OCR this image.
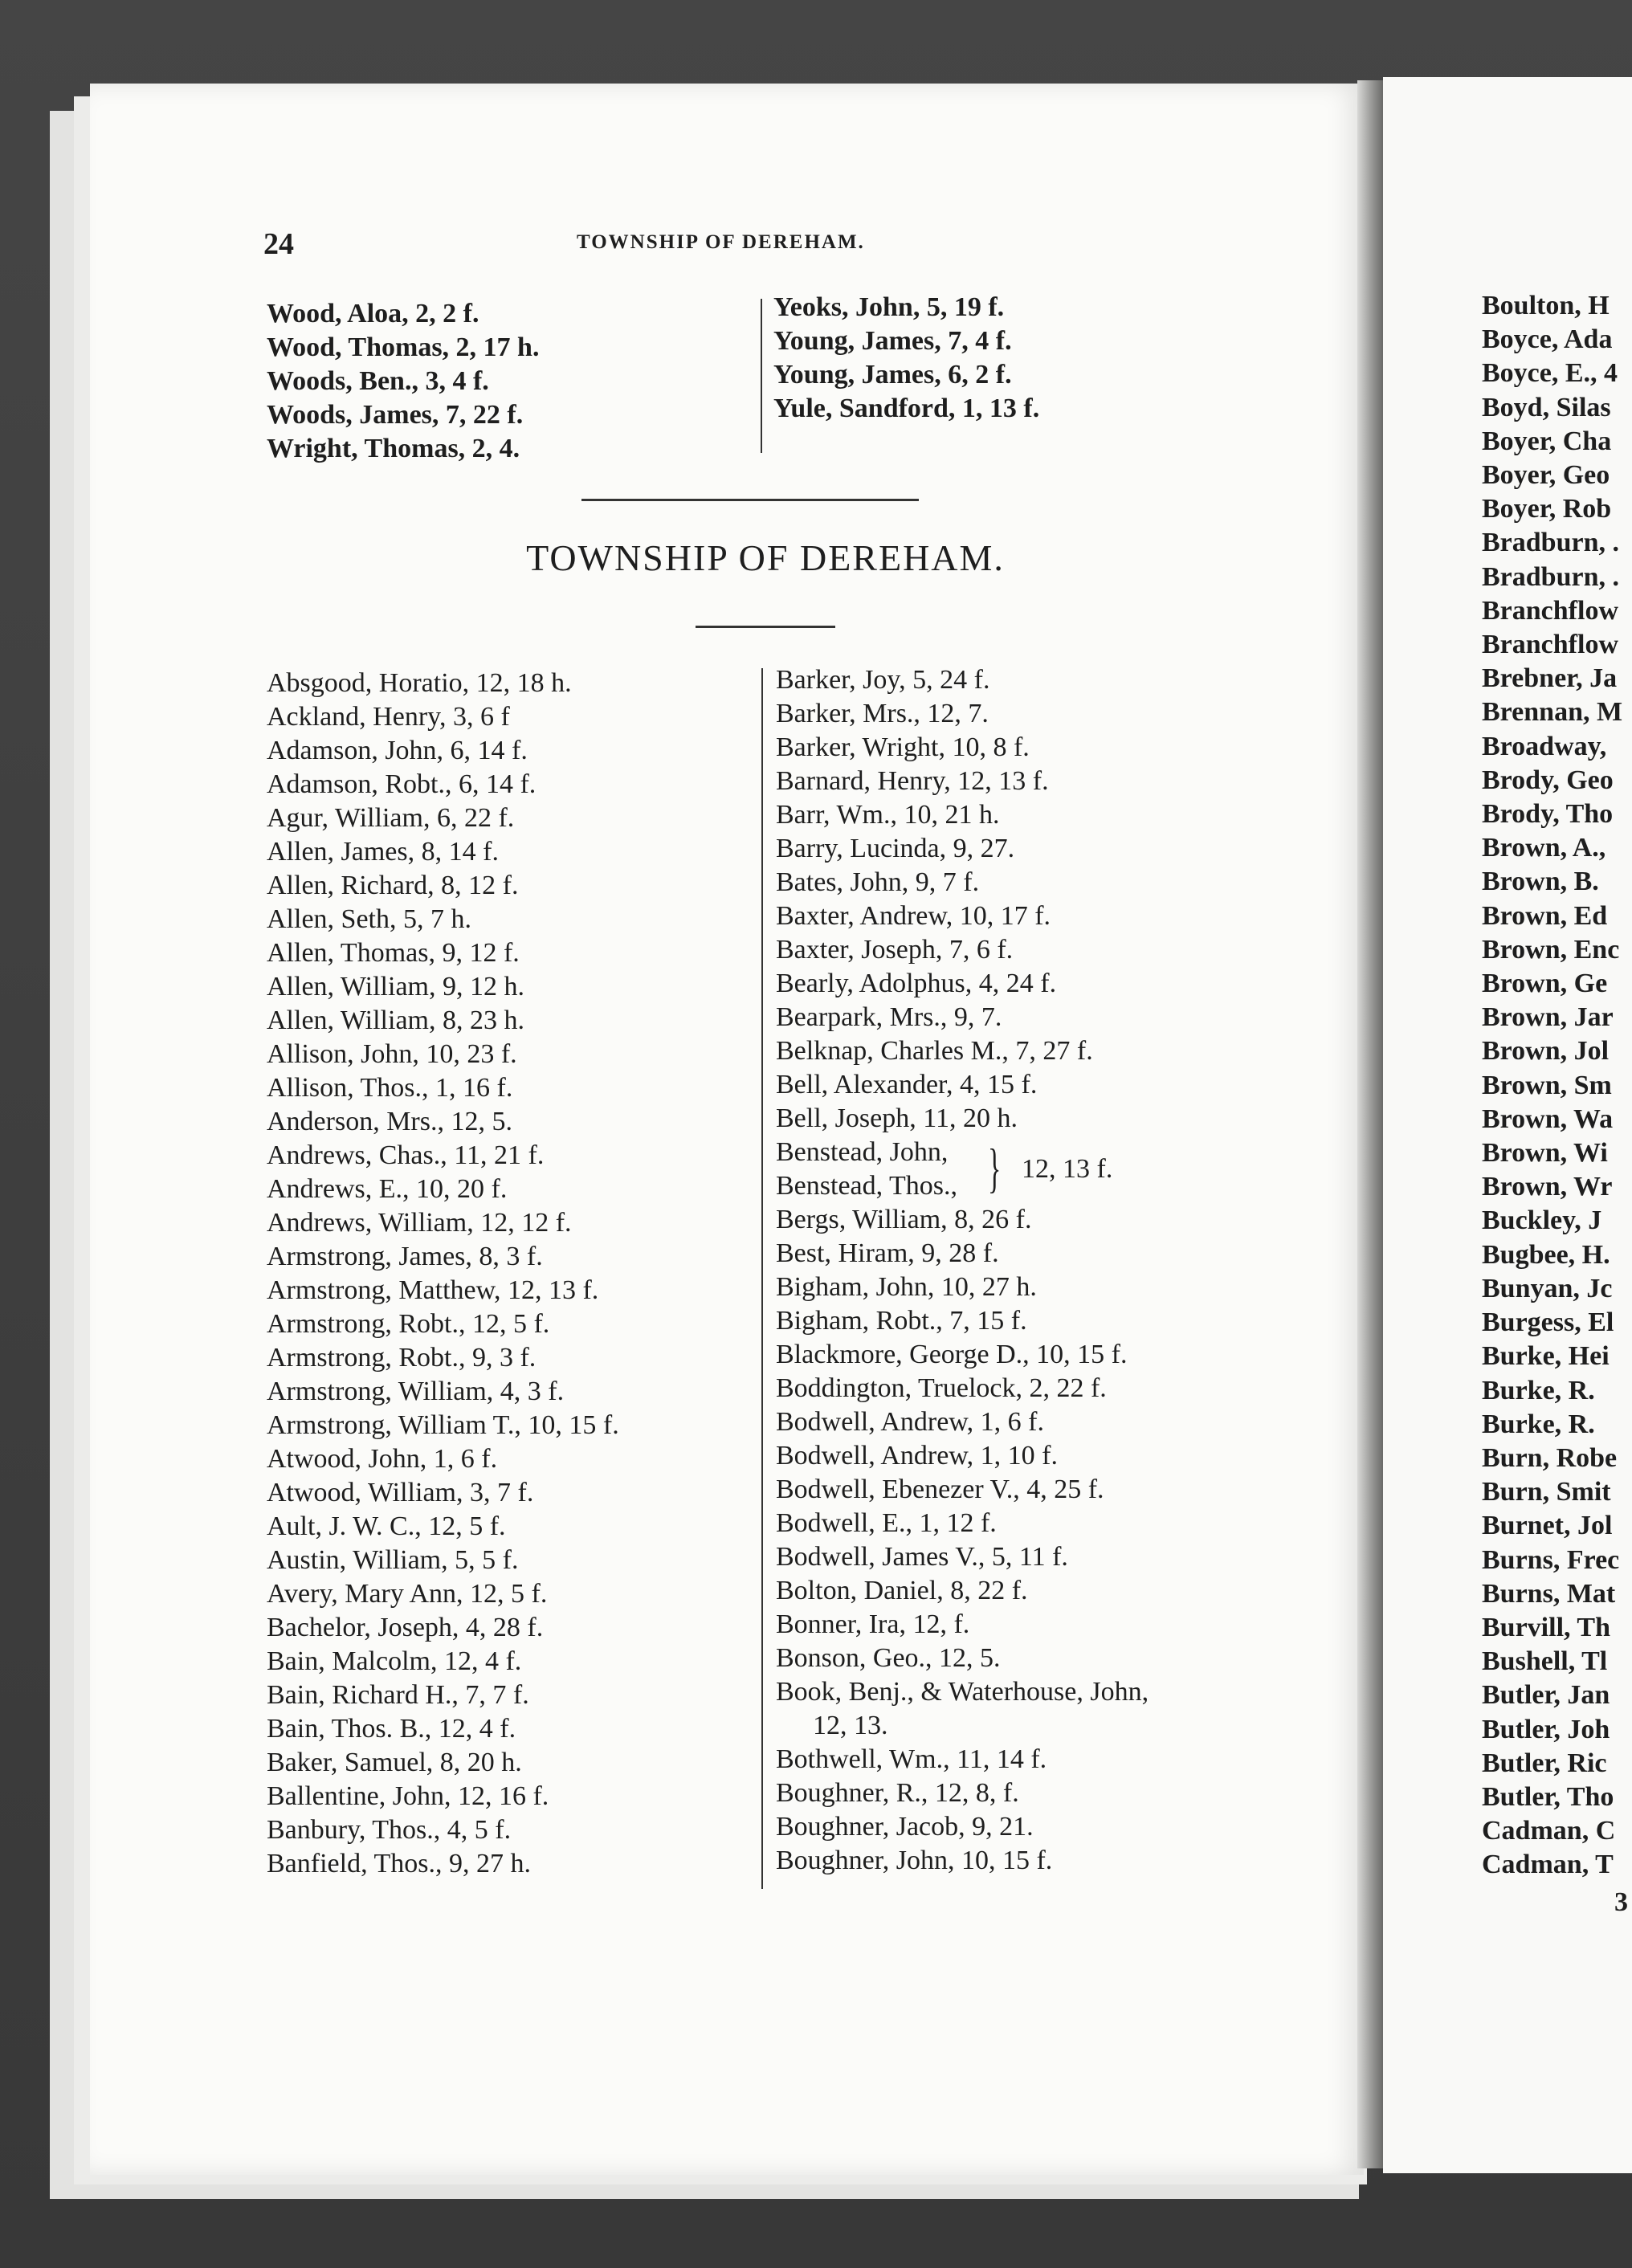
24	TOWNSHIP OF DEREHAM.
Wood, Aloa, 2, 2 f.
Wood, Thomas, 2, 17 h.
Woods, Ben., 3, 4 f.
Woods, James, 7, 22 f.
Wright, Thomas, 2, 4.
Yeoks, John, 5, 19 f.
Young, James, 7, 4 f.
Young, James, 6, 2 f.
Yule, Sandford, 1, 13 f.
TOWNSHIP OF DEREHAM.
Absgood, Horatio, 12, 18 h.
Ackland, Henry, 3, 6 f
Adamson, John, 6, 14 f.
Adamson, Robt., 6, 14 f.
Agur, William, 6, 22 f.
Allen, James, 8, 14 f.
Allen, Richard, 8, 12 f.
Allen, Seth, 5, 7 h.
Allen, Thomas, 9, 12 f.
Allen, William, 9, 12 h.
Allen, William, 8, 23 h.
Allison, John, 10, 23 f.
Allison, Thos., 1, 16 f.
Anderson, Mrs., 12, 5.
Andrews, Chas., 11, 21 f.
Andrews, E., 10, 20 f.
Andrews, William, 12, 12 f.
Armstrong, James, 8, 3 f.
Armstrong, Matthew, 12, 13 f.
Armstrong, Robt., 12, 5 f.
Armstrong, Robt., 9, 3 f.
Armstrong, William, 4, 3 f.
Armstrong, William T., 10, 15 f.
Atwood, John, 1, 6 f.
Atwood, William, 3, 7 f.
Ault, J. W. C., 12, 5 f.
Austin, William, 5, 5 f.
Avery, Mary Ann, 12, 5 f.
Bachelor, Joseph, 4, 28 f.
Bain, Malcolm, 12, 4 f.
Bain, Richard H., 7, 7 f.
Bain, Thos. B., 12, 4 f.
Baker, Samuel, 8, 20 h.
Ballentine, John, 12, 16 f.
Banbury, Thos., 4, 5 f.
Banfield, Thos., 9, 27 h.
Barker, Joy, 5, 24 f.
Barker, Mrs., 12, 7.
Barker, Wright, 10, 8 f.
Barnard, Henry, 12, 13 f.
Barr, Wm., 10, 21 h.
Barry, Lucinda, 9, 27.
Bates, John, 9, 7 f.
Baxter, Andrew, 10, 17 f.
Baxter, Joseph, 7, 6 f.
Bearly, Adolphus, 4, 24 f.
Bearpark, Mrs., 9, 7.
Belknap, Charles M., 7, 27 f.
Bell, Alexander, 4, 15 f.
Bell, Joseph, 11, 20 h.
Benstead, John,
Benstead, Thos., } 12, 13 f.
Bergs, William, 8, 26 f.
Best, Hiram, 9, 28 f.
Bigham, John, 10, 27 h.
Bigham, Robt., 7, 15 f.
Blackmore, George D., 10, 15 f.
Boddington, Truelock, 2, 22 f.
Bodwell, Andrew, 1, 6 f.
Bodwell, Andrew, 1, 10 f.
Bodwell, Ebenezer V., 4, 25 f.
Bodwell, E., 1, 12 f.
Bodwell, James V., 5, 11 f.
Bolton, Daniel, 8, 22 f.
Bonner, Ira, 12, f.
Bonson, Geo., 12, 5.
Book, Benj., & Waterhouse, John,
12, 13.
Bothwell, Wm., 11, 14 f.
Boughner, R., 12, 8, f.
Boughner, Jacob, 9, 21.
Boughner, John, 10, 15 f.
Boulton, H
Boyce, Ada
Boyce, E., 4
Boyd, Silas
Boyer, Cha
Boyer, Geo
Boyer, Rob
Bradburn, .
Bradburn, .
Branchflow
Branchflow
Brebner, Ja
Brennan, M
Broadway,
Brody, Geo
Brody, Tho
Brown, A.,
Brown, B.
Brown, Ed
Brown, Enc
Brown, Ge
Brown, Jar
Brown, Jol
Brown, Sm
Brown, Wa
Brown, Wi
Brown, Wr
Buckley, J
Bugbee, H.
Bunyan, Jc
Burgess, El
Burke, Hei
Burke, R.
Burke, R.
Burn, Robe
Burn, Smit
Burnet, Jol
Burns, Frec
Burns, Mat
Burvill, Th
Bushell, Tl
Butler, Jan
Butler, Joh
Butler, Ric
Butler, Tho
Cadman, C
Cadman, T
3
